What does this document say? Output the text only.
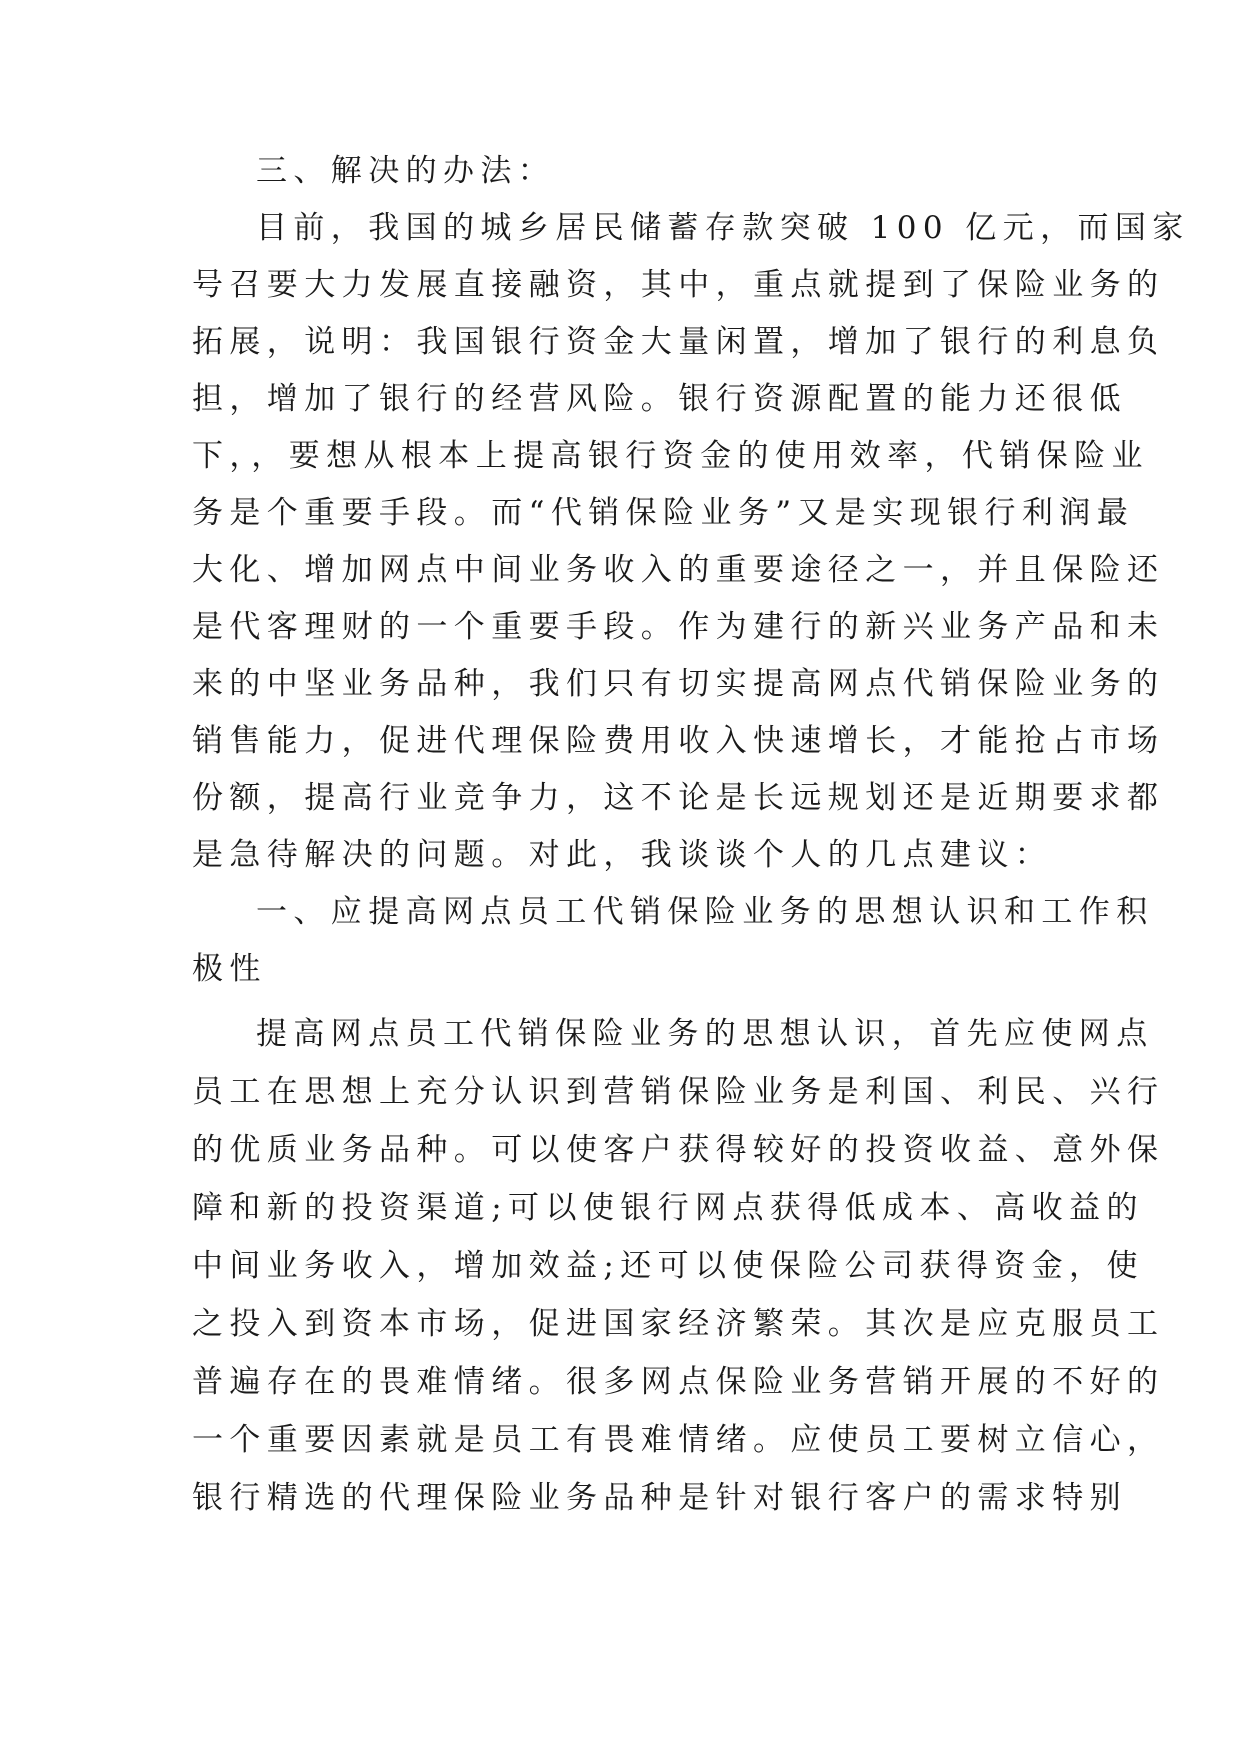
三、解决的办法：
目前，我国的城乡居民储蓄存款突破 100 亿元，而国家
号召要大力发展直接融资，其中，重点就提到了保险业务的
拓展，说明：我国银行资金大量闲置，增加了银行的利息负
担，增加了银行的经营风险。银行资源配置的能力还很低
下，，要想从根本上提高银行资金的使用效率，代销保险业
务是个重要手段。而“代销保险业务”又是实现银行利润最
大化、增加网点中间业务收入的重要途径之一，并且保险还
是代客理财的一个重要手段。作为建行的新兴业务产品和未
来的中坚业务品种，我们只有切实提高网点代销保险业务的
销售能力，促进代理保险费用收入快速增长，才能抢占市场
份额，提高行业竞争力，这不论是长远规划还是近期要求都
是急待解决的问题。对此，我谈谈个人的几点建议：
一、应提高网点员工代销保险业务的思想认识和工作积
极性
提高网点员工代销保险业务的思想认识，首先应使网点
员工在思想上充分认识到营销保险业务是利国、利民、兴行
的优质业务品种。可以使客户获得较好的投资收益、意外保
障和新的投资渠道;可以使银行网点获得低成本、高收益的
中间业务收入，增加效益;还可以使保险公司获得资金，使
之投入到资本市场，促进国家经济繁荣。其次是应克服员工
普遍存在的畏难情绪。很多网点保险业务营销开展的不好的
一个重要因素就是员工有畏难情绪。应使员工要树立信心，
银行精选的代理保险业务品种是针对银行客户的需求特别
